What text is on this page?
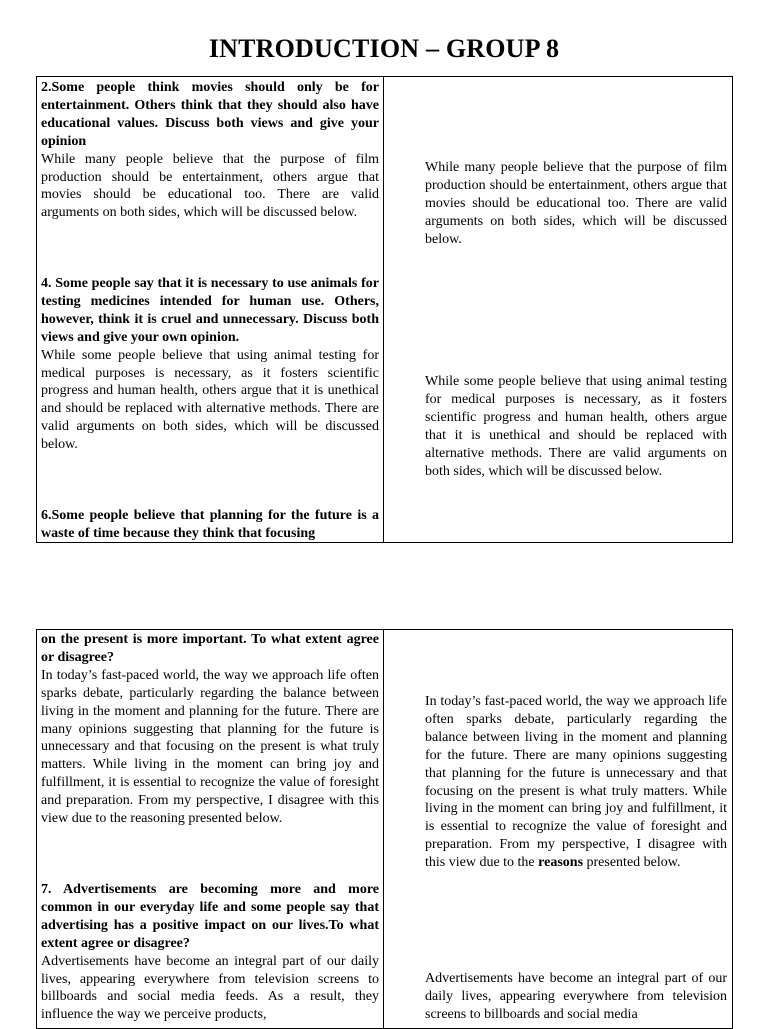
INTRODUCTION – GROUP 8

2.Some people think movies should only be for entertainment. Others think that they should also have educational values. Discuss both views and give your opinion

While many people believe that the purpose of film production should be entertainment, others argue that movies should be educational too. There are valid arguments on both sides, which will be discussed below.

4. Some people say that it is necessary to use animals for testing medicines intended for human use. Others, however, think it is cruel and unnecessary. Discuss both views and give your own opinion.

While some people believe that using animal testing for medical purposes is necessary, as it fosters scientific progress and human health, others argue that it is unethical and should be replaced with alternative methods. There are valid arguments on both sides, which will be discussed below.

6.Some people believe that planning for the future is a waste of time because they think that focusing

While many people believe that the purpose of film production should be entertainment, others argue that movies should be educational too. There are valid arguments on both sides, which will be discussed below.

While some people believe that using animal testing for medical purposes is necessary, as it fosters scientific progress and human health, others argue that it is unethical and should be replaced with alternative methods. There are valid arguments on both sides, which will be discussed below.

on the present is more important. To what extent agree or disagree?

In today’s fast-paced world, the way we approach life often sparks debate, particularly regarding the balance between living in the moment and planning for the future. There are many opinions suggesting that planning for the future is unnecessary and that focusing on the present is what truly matters. While living in the moment can bring joy and fulfillment, it is essential to recognize the value of foresight and preparation. From my perspective, I disagree with this view due to the reasoning presented below.

7. Advertisements are becoming more and more common in our everyday life and some people say that advertising has a positive impact on our lives.To what extent agree or disagree?

Advertisements have become an integral part of our daily lives, appearing everywhere from television screens to billboards and social media feeds. As a result, they influence the way we perceive products,

In today’s fast-paced world, the way we approach life often sparks debate, particularly regarding the balance between living in the moment and planning for the future. There are many opinions suggesting that planning for the future is unnecessary and that focusing on the present is what truly matters. While living in the moment can bring joy and fulfillment, it is essential to recognize the value of foresight and preparation. From my perspective, I disagree with this view due to the reasons presented below.

Advertisements have become an integral part of our daily lives, appearing everywhere from television screens to billboards and social media
